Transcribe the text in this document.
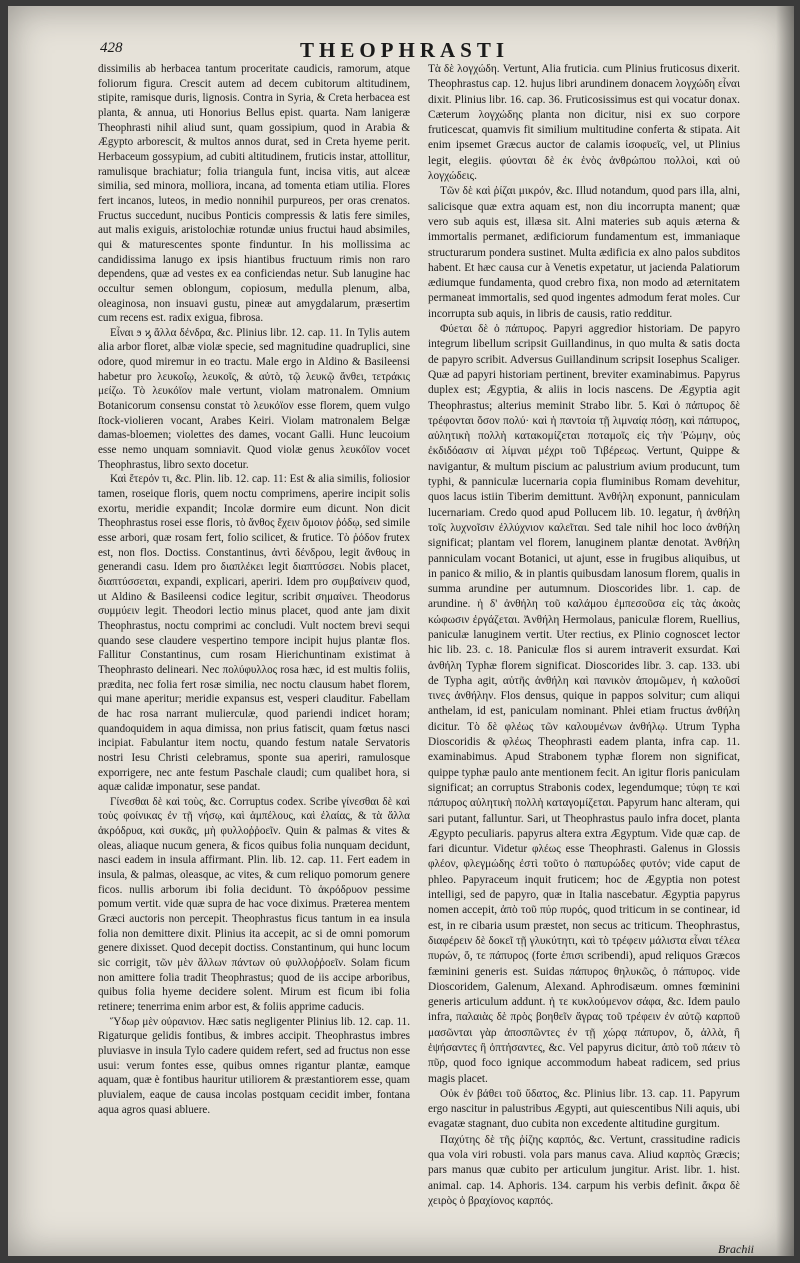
428	THEOPHRASTI

dissimilis ab herbacea tantum proceritate caudicis, ramorum, atque foliorum figura. Crescit autem ad decem cubitorum altitudinem, stipite, ramisque duris, lignosis. Contra in Syria, & Creta herbacea est planta, & annua, uti Honorius Bellus epist. quarta. Nam lanigeræ Theophrasti nihil aliud sunt, quam gossipium, quod in Arabia & Ægypto arborescit, & multos annos durat, sed in Creta hyeme perit. Herbaceum gossypium, ad cubiti altitudinem, fruticis instar, attollitur, ramulisque brachiatur; folia triangula funt, incisa vitis, aut alceæ similia, sed minora, molliora, incana, ad tomenta etiam utilia. Flores fert incanos, luteos, in medio nonnihil purpureos, per oras crenatos. Fructus succedunt, nucibus Ponticis compressis & latis fere similes, aut malis exiguis, aristolochiæ rotundæ unius fructui haud absimiles, qui & maturescentes sponte finduntur. In his mollissima ac candidissima lanugo ex ipsis hiantibus fructuum rimis non raro dependens, quæ ad vestes ex ea conficiendas netur. Sub lanugine hac occultur semen oblongum, copiosum, medulla plenum, alba, oleaginosa, non insuavi gustu, pineæ aut amygdalarum, præsertim cum recens est. radix exigua, fibrosa.

Εἶναι ϧ ϗ ἄλλα δένδρα, &c. Plinius libr. 12. cap. 11. In Tylis autem alia arbor floret, albæ violæ specie, sed magnitudine quadruplici, sine odore, quod miremur in eo tractu. Male ergo in Aldino & Basileensi habetur pro λευκοΐῳ, λευκοῖς, & αὐτὸ, τῷ λευκῷ ἄνθει, τετράκις μείζω. Τὸ λευκόϊον male vertunt, violam matronalem. Omnium Botanicorum consensu constat τὸ λευκόϊον esse florem, quem vulgo ſtock-violieren vocant, Arabes Keiri. Violam matronalem Belgæ damas-bloemen; violettes des dames, vocant Galli. Hunc leucoium esse nemo unquam somniavit. Quod violæ genus λευκόϊον vocet Theophrastus, libro sexto docetur.

Καὶ ἕτερόν τι, &c. Plin. lib. 12. cap. 11: Est & alia similis, foliosior tamen, roseique floris, quem noctu comprimens, aperire incipit solis exortu, meridie expandit; Incolæ dormire eum dicunt. Non dicit Theophrastus rosei esse floris, τὸ ἄνθος ἔχειν ὅμοιον ῥόδῳ, sed simile esse arbori, quæ rosam fert, folio scilicet, & frutice. Τὸ ῥόδον frutex est, non flos. Doctiss. Constantinus, ἀντὶ δένδρου, legit ἄνθους in generandi casu. Idem pro διαπλέκει legit διαπτύσσει. Nobis placet, διαπτύσσεται, expandi, explicari, aperiri. Idem pro συμβαίνειν quod, ut Aldino & Basileensi codice legitur, scribit σημαίνει. Theodorus συμμύειν legit. Theodori lectio minus placet, quod ante jam dixit Theophrastus, noctu comprimi ac concludi. Vult noctem brevi sequi quando sese claudere vespertino tempore incipit hujus plantæ flos. Fallitur Constantinus, cum rosam Hierichuntinam existimat à Theophrasto delineari. Nec πολύφυλλος rosa hæc, id est multis foliis, prædita, nec folia fert rosæ similia, nec noctu clausum habet florem, qui mane aperitur; meridie expansus est, vesperi clauditur. Fabellam de hac rosa narrant mulierculæ, quod pariendi indicet horam; quandoquidem in aqua dimissa, non prius fatiscit, quam fœtus nasci incipiat. Fabulantur item noctu, quando festum natale Servatoris nostri Iesu Christi celebramus, sponte sua aperiri, ramulosque exporrigere, nec ante festum Paschale claudi; cum qualibet hora, si aquæ calidæ imponatur, sese pandat.

Γίνεσθαι δὲ καὶ τοὺς, &c. Corruptus codex. Scribe γίνεσθαι δὲ καὶ τοὺς φοίνικας ἐν τῇ νήσῳ, καὶ ἀμπέλους, καὶ ἐλαίας, & τὰ ἄλλα ἀκρόδρυα, καὶ συκᾶς, μὴ φυλλοῤῥοεῖν. Quin & palmas & vites & oleas, aliaque nucum genera, & ficos quibus folia nunquam decidunt, nasci eadem in insula affirmant. Plin. lib. 12. cap. 11. Fert eadem in insula, & palmas, oleasque, ac vites, & cum reliquo pomorum genere ficos. nullis arborum ibi folia decidunt. Τὸ ἀκρόδρυον pessime pomum vertit. vide quæ supra de hac voce diximus. Præterea mentem Græci auctoris non percepit. Theophrastus ficus tantum in ea insula folia non demittere dixit. Plinius ita accepit, ac si de omni pomorum genere dixisset. Quod decepit doctiss. Constantinum, qui hunc locum sic corrigit, τῶν μὲν ἄλλων πάντων οὐ φυλλοῤῥοεῖν. Solam ficum non amittere folia tradit Theophrastus; quod de iis accipe arboribus, quibus folia hyeme decidere solent. Mirum est ficum ibi folia retinere; tenerrima enim arbor est, & foliis apprime caducis.

Ὕδωρ μὲν οὐρανιον. Hæc satis negligenter Plinius lib. 12. cap. 11. Rigaturque gelidis fontibus, & imbres accipit. Theophrastus imbres pluviasve in insula Tylo cadere quidem refert, sed ad fructus non esse usui: verum fontes esse, quibus omnes rigantur plantæ, eamque aquam, quæ è fontibus hauritur utiliorem & præstantiorem esse, quam pluvialem, eaque de causa incolas postquam cecidit imber, fontana aqua agros quasi abluere.

Τὰ δὲ λογχώδη. Vertunt, Alia fruticia. cum Plinius fruticosus dixerit. Theophrastus cap. 12. hujus libri arundinem donacem λογχώδη εἶναι dixit. Plinius libr. 16. cap. 36. Fruticosissimus est qui vocatur donax. Cæterum λογχώδης planta non dicitur, nisi ex suo corpore fruticescat, quamvis fit similium multitudine conferta & stipata. Ait enim ipsemet Græcus auctor de calamis ἰσοφυεῖς, vel, ut Plinius legit, elegiis. φύονται δὲ ἐκ ἑνὸς ἀνθρώπου πολλοὶ, καὶ οὐ λογχώδεις.

Τῶν δὲ καὶ ῥίζαι μικρόν, &c. Illud notandum, quod pars illa, alni, salicisque quæ extra aquam est, non diu incorrupta manent; quæ vero sub aquis est, illæsa sit. Alni materies sub aquis æterna & immortalis permanet, ædificiorum fundamentum est, immaniaque structurarum pondera sustinet. Multa ædificia ex alno palos subditos habent. Et hæc causa cur à Venetis expetatur, ut jacienda Palatiorum ædiumque fundamenta, quod crebro fixa, non modo ad æternitatem permaneat immortalis, sed quod ingentes admodum ferat moles. Cur incorrupta sub aquis, in libris de causis, ratio redditur.

Φύεται δὲ ὁ πάπυρος. Papyri aggredior historiam. De papyro integrum libellum scripsit Guillandinus, in quo multa & satis docta de papyro scribit. Adversus Guillandinum scripsit Iosephus Scaliger. Quæ ad papyri historiam pertinent, breviter examinabimus. Papyrus duplex est; Ægyptia, & aliis in locis nascens. De Ægyptia agit Theophrastus; alterius meminit Strabo libr. 5. Καὶ ὁ πάπυρος δὲ τρέφονται ὅσον πολύ· καὶ ἡ παντοία τῇ λιμναίᾳ πόσῃ, καὶ πάπυρος, αὐλητικὴ πολλὴ κατακομίζεται ποταμοῖς εἰς τὴν Ῥώμην, οὐς ἐκδιδόασιν αἱ λίμναι μέχρι τοῦ Τιβέρεως. Vertunt, Quippe & navigantur, & multum piscium ac palustrium avium producunt, tum typhi, & panniculæ lucernaria copia fluminibus Romam devehitur, quos lacus istiin Tiberim demittunt. Ἀνθήλη exponunt, panniculam lucernariam. Credo quod apud Pollucem lib. 10. legatur, ἡ ἀνθήλη τοῖς λυχνοῖσιν ἐλλύχνιον καλεῖται. Sed tale nihil hoc loco ἀνθήλη significat; plantam vel florem, lanuginem plantæ denotat. Ἀνθήλη panniculam vocant Botanici, ut ajunt, esse in frugibus aliquibus, ut in panico & milio, & in plantis quibusdam lanosum florem, qualis in summa arundine per autumnum. Dioscorides libr. 1. cap. de arundine. ἡ δ' ἀνθήλη τοῦ καλάμου ἐμπεσοῦσα εἰς τὰς ἀκοὰς κώφωσιν ἐργάζεται. Ἀνθήλη Hermolaus, paniculæ florem, Ruellius, paniculæ lanuginem vertit. Uter rectius, ex Plinio cognoscet lector hic lib. 23. c. 18. Paniculæ flos si aurem intraverit exsurdat. Καὶ ἀνθήλη Typhæ florem significat. Dioscorides libr. 3. cap. 133. ubi de Typha agit, αὐτῆς ἀνθήλη καὶ πανικὸν ἀπομῶμεν, ἡ καλοῦσί τινες ἀνθήλην. Flos densus, quique in pappos solvitur; cum aliqui anthelam, id est, paniculam nominant. Phlei etiam fructus ἀνθήλη dicitur. Τὸ δὲ φλέως τῶν καλουμένων ἀνθήλῳ. Utrum Typha Dioscoridis & φλέως Theophrasti eadem planta, infra cap. 11. examinabimus. Apud Strabonem typhæ florem non significat, quippe typhæ paulo ante mentionem fecit. An igitur floris paniculam significat; an corruptus Strabonis codex, legendumque; τύφη τε καὶ πάπυρος αὐλητικὴ πολλὴ καταγομίζεται. Papyrum hanc alteram, qui sari putant, falluntur. Sari, ut Theophrastus paulo infra docet, planta Ægypto peculiaris. papyrus altera extra Ægyptum. Vide quæ cap. de fari dicuntur. Videtur φλέως esse Theophrasti. Galenus in Glossis φλέον, φλεγμώδης ἐστὶ τοῦτο ὁ παπυρώδες φυτόν; vide caput de phleo. Papyraceum inquit fruticem; hoc de Ægyptia non potest intelligi, sed de papyro, quæ in Italia nascebatur. Ægyptia papyrus nomen accepit, ἀπὸ τοῦ πύρ πυρός, quod triticum in se continear, id est, in re cibaria usum præstet, non secus ac triticum. Theophrastus, διαφέρειν δὲ δοκεῖ τῇ γλυκύτητι, καὶ τὸ τρέφειν μάλιστα εἶναι τέλεα πυρών, ὅ, τε πάπυρος (forte ἐπισι scribendi), apud reliquos Græcos fæminini generis est. Suidas πάπυρος θηλυκῶς, ὁ πάπυρος. vide Dioscoridem, Galenum, Alexand. Aphrodisæum. omnes fœminini generis articulum addunt. ἡ τε κυκλούμενον σάφα, &c. Idem paulo infra, παλαιὰς δὲ πρὸς βοηθεῖν ἄγρας τοῦ τρέφειν ἐν αὐτῷ καρποῦ μασῶνται γὰρ ἀποσπῶντες ἐν τῇ χώρᾳ πάπυρον, ὅ, ἀλλὰ, ἢ ἑψήσαντες ἢ ὀπτήσαντες, &c. Vel papyrus dicitur, ἀπὸ τοῦ πάειν τὸ πῦρ, quod foco ignique accommodum habeat radicem, sed prius magis placet.

Οὐκ ἐν βάθει τοῦ ὕδατος, &c. Plinius libr. 13. cap. 11. Papyrum ergo nascitur in palustribus Ægypti, aut quiescentibus Nili aquis, ubi evagatæ stagnant, duo cubita non excedente altitudine gurgitum.

Παχύτης δὲ τῆς ῥίζης καρπός, &c. Vertunt, crassitudine radicis qua vola viri robusti. vola pars manus cava. Aliud καρπὸς Græcis; pars manus quæ cubito per articulum jungitur. Arist. libr. 1. hist. animal. cap. 14. Aphoris. 134. carpum his verbis definit. ἄκρα δὲ χειρὸς ὁ βραχίονος καρπός.

Brachii
